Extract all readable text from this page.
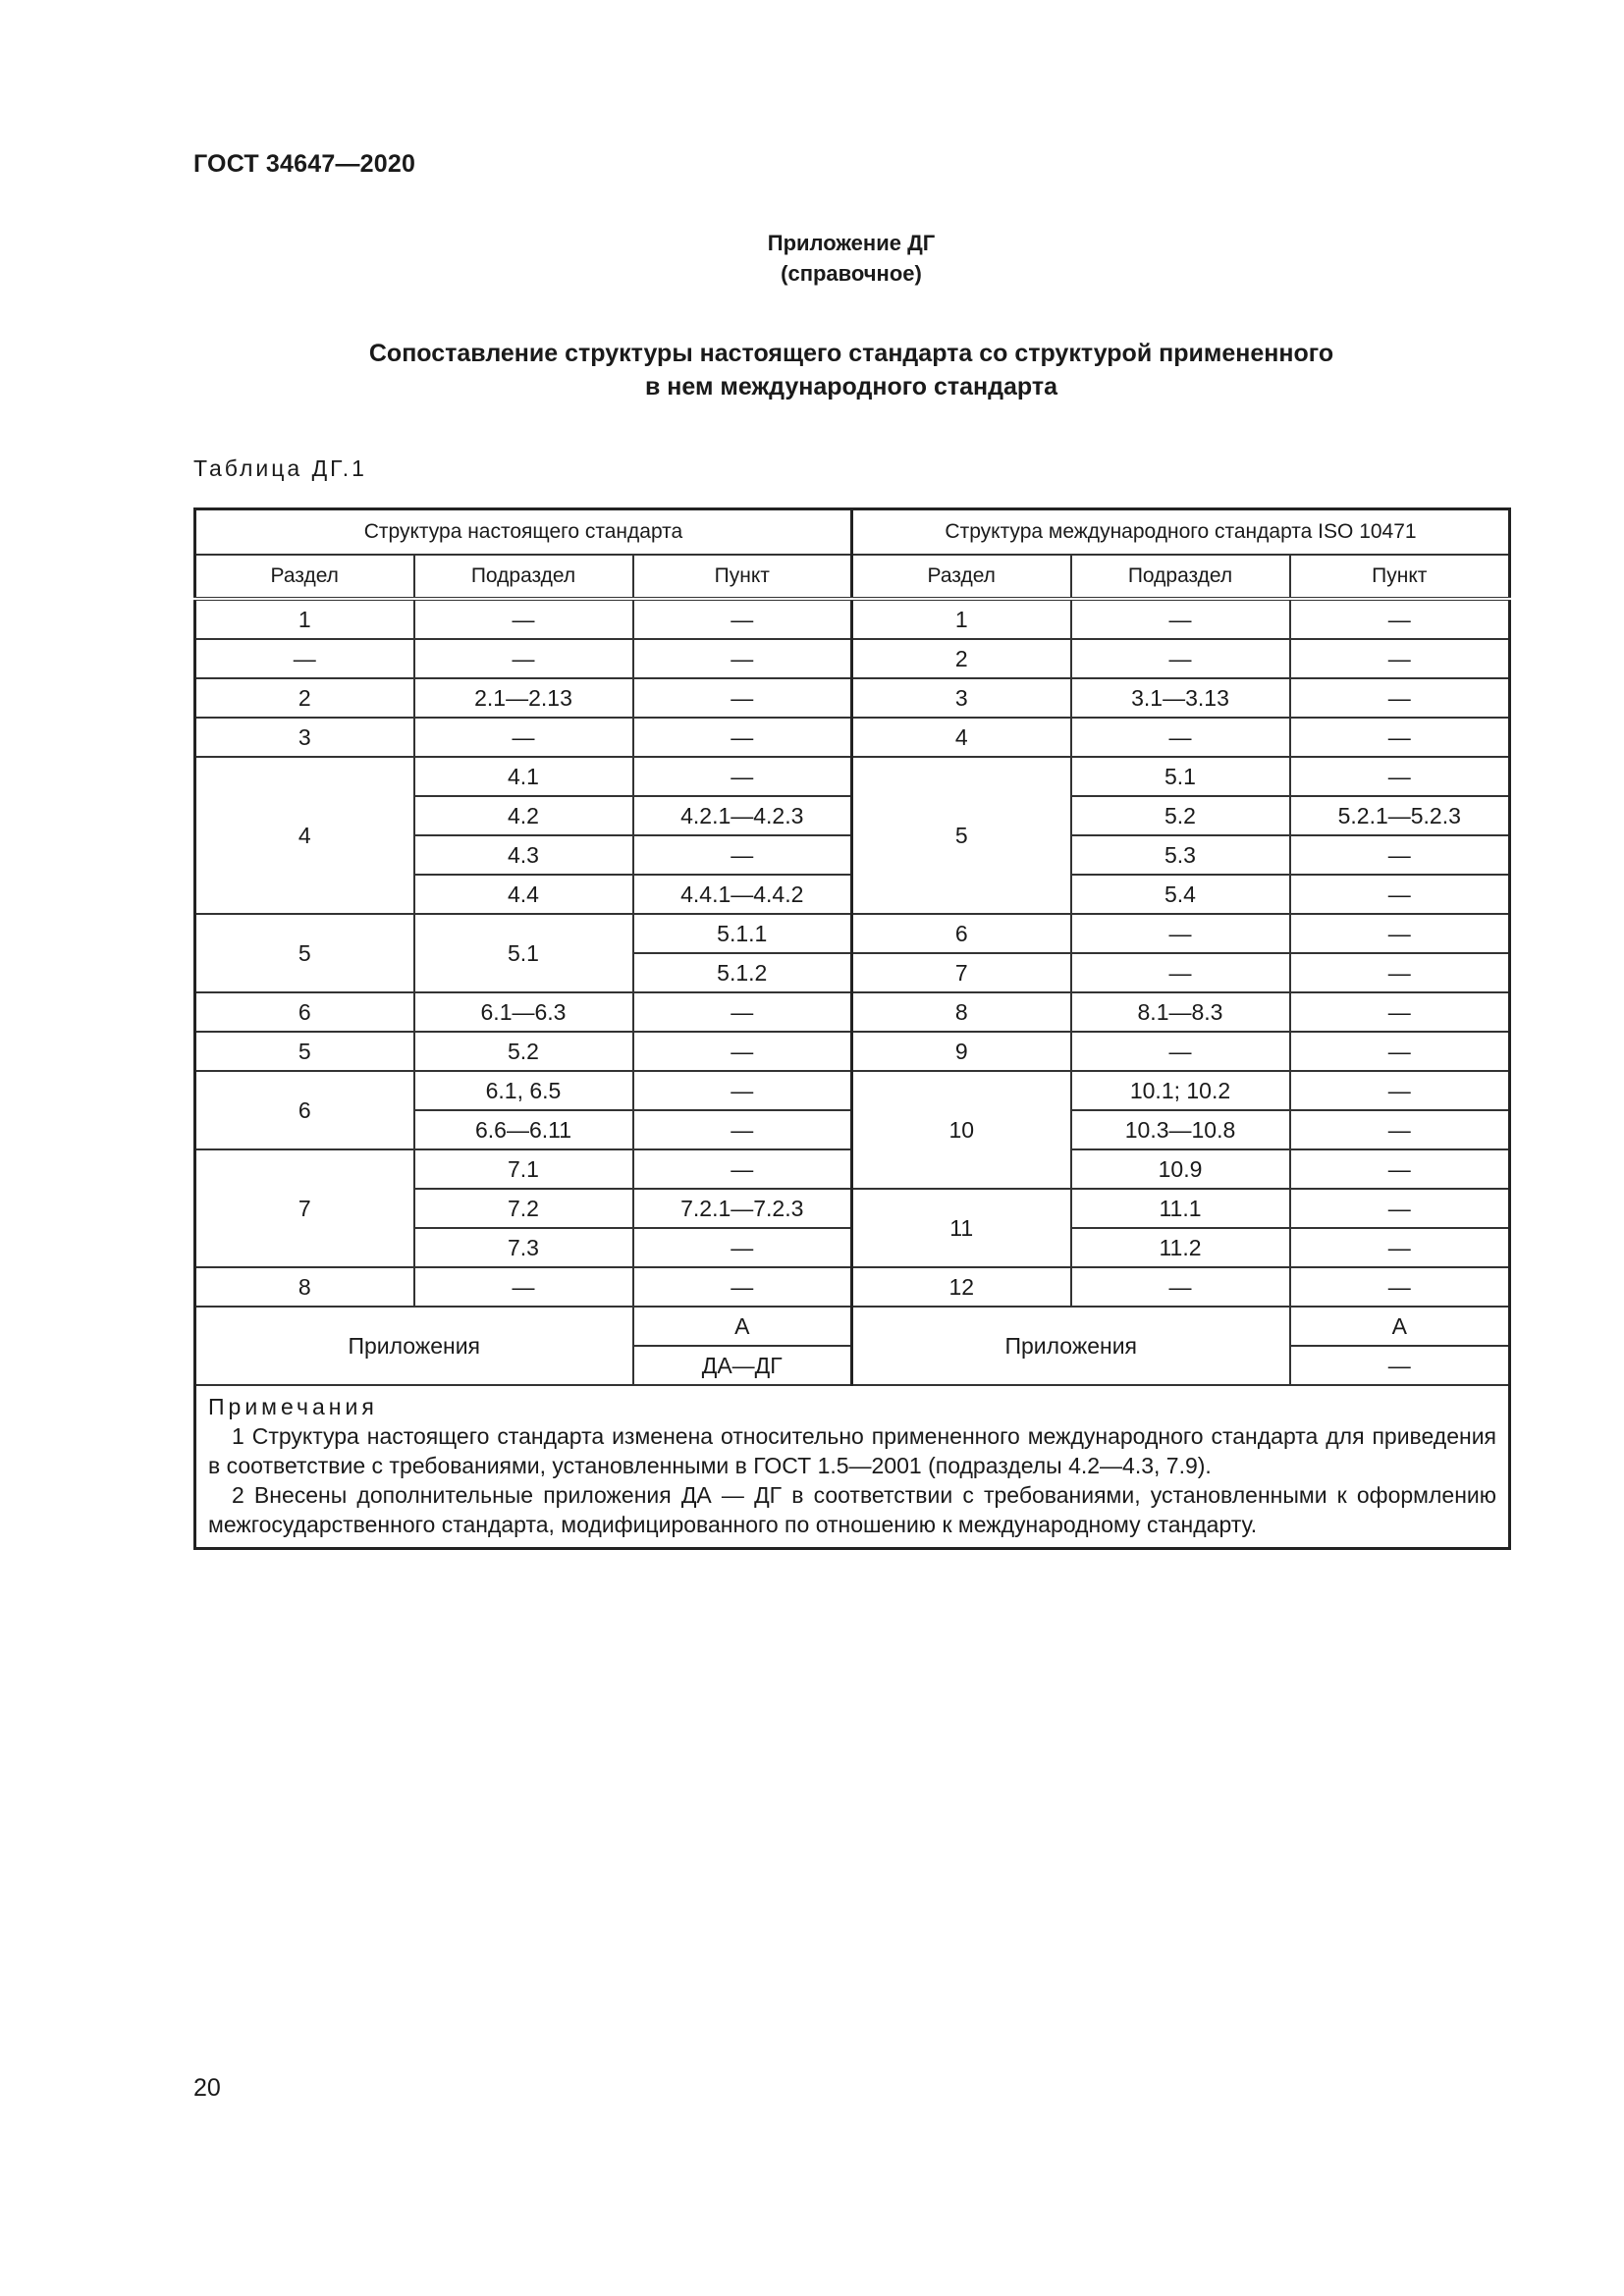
ГОСТ 34647—2020
Приложение ДГ
(справочное)
Сопоставление структуры настоящего стандарта со структурой примененного
в нем международного стандарта
Таблица ДГ.1
Структура настоящего стандарта			Структура международного стандарта ISO 10471		
Раздел	Подраздел	Пункт	Раздел	Подраздел	Пункт
1	—	—	1	—	—
—	—	—	2	—	—
2	2.1—2.13	—	3	3.1—3.13	—
3	—	—	4	—	—
4	4.1	—	5	5.1	—
	4.2	4.2.1—4.2.3		5.2	5.2.1—5.2.3
	4.3	—		5.3	—
	4.4	4.4.1—4.4.2		5.4	—
5	5.1	5.1.1	6	—	—
		5.1.2	7	—	—
6	6.1—6.3	—	8	8.1—8.3	—
5	5.2	—	9	—	—
6	6.1, 6.5	—	10	10.1; 10.2	—
	6.6—6.11	—		10.3—10.8	—
7	7.1	—		10.9	—
	7.2	7.2.1—7.2.3	11	11.1	—
	7.3	—		11.2	—
8	—	—	12	—	—
Приложения		А	Приложения		А
		ДА—ДГ			—

Примечания
1 Структура настоящего стандарта изменена относительно примененного международного стандарта для приведения в соответствие с требованиями, установленными в ГОСТ 1.5—2001 (подразделы 4.2—4.3, 7.9).
2 Внесены дополнительные приложения ДА — ДГ в соответствии с требованиями, установленными к оформлению межгосударственного стандарта, модифицированного по отношению к международному стандарту.					
20
